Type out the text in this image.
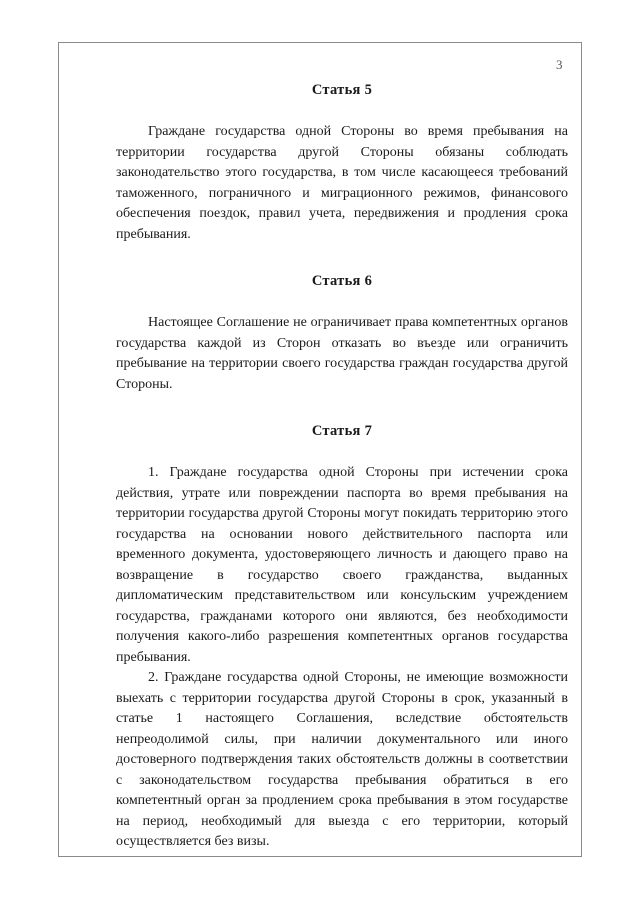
3

Статья 5

Граждане государства одной Стороны во время пребывания на территории государства другой Стороны обязаны соблюдать законодательство этого государства, в том числе касающееся требований таможенного, пограничного и миграционного режимов, финансового обеспечения поездок, правил учета, передвижения и продления срока пребывания.

Статья 6

Настоящее Соглашение не ограничивает права компетентных органов государства каждой из Сторон отказать во въезде или ограничить пребывание на территории своего государства граждан государства другой Стороны.

Статья 7

1. Граждане государства одной Стороны при истечении срока действия, утрате или повреждении паспорта во время пребывания на территории государства другой Стороны могут покидать территорию этого государства на основании нового действительного паспорта или временного документа, удостоверяющего личность и дающего право на возвращение в государство своего гражданства, выданных дипломатическим представительством или консульским учреждением государства, гражданами которого они являются, без необходимости получения какого-либо разрешения компетентных органов государства пребывания.

2. Граждане государства одной Стороны, не имеющие возможности выехать с территории государства другой Стороны в срок, указанный в статье 1 настоящего Соглашения, вследствие обстоятельств непреодолимой силы, при наличии документального или иного достоверного подтверждения таких обстоятельств должны в соответствии с законодательством государства пребывания обратиться в его компетентный орган за продлением срока пребывания в этом государстве на период, необходимый для выезда с его территории, который осуществляется без визы.
